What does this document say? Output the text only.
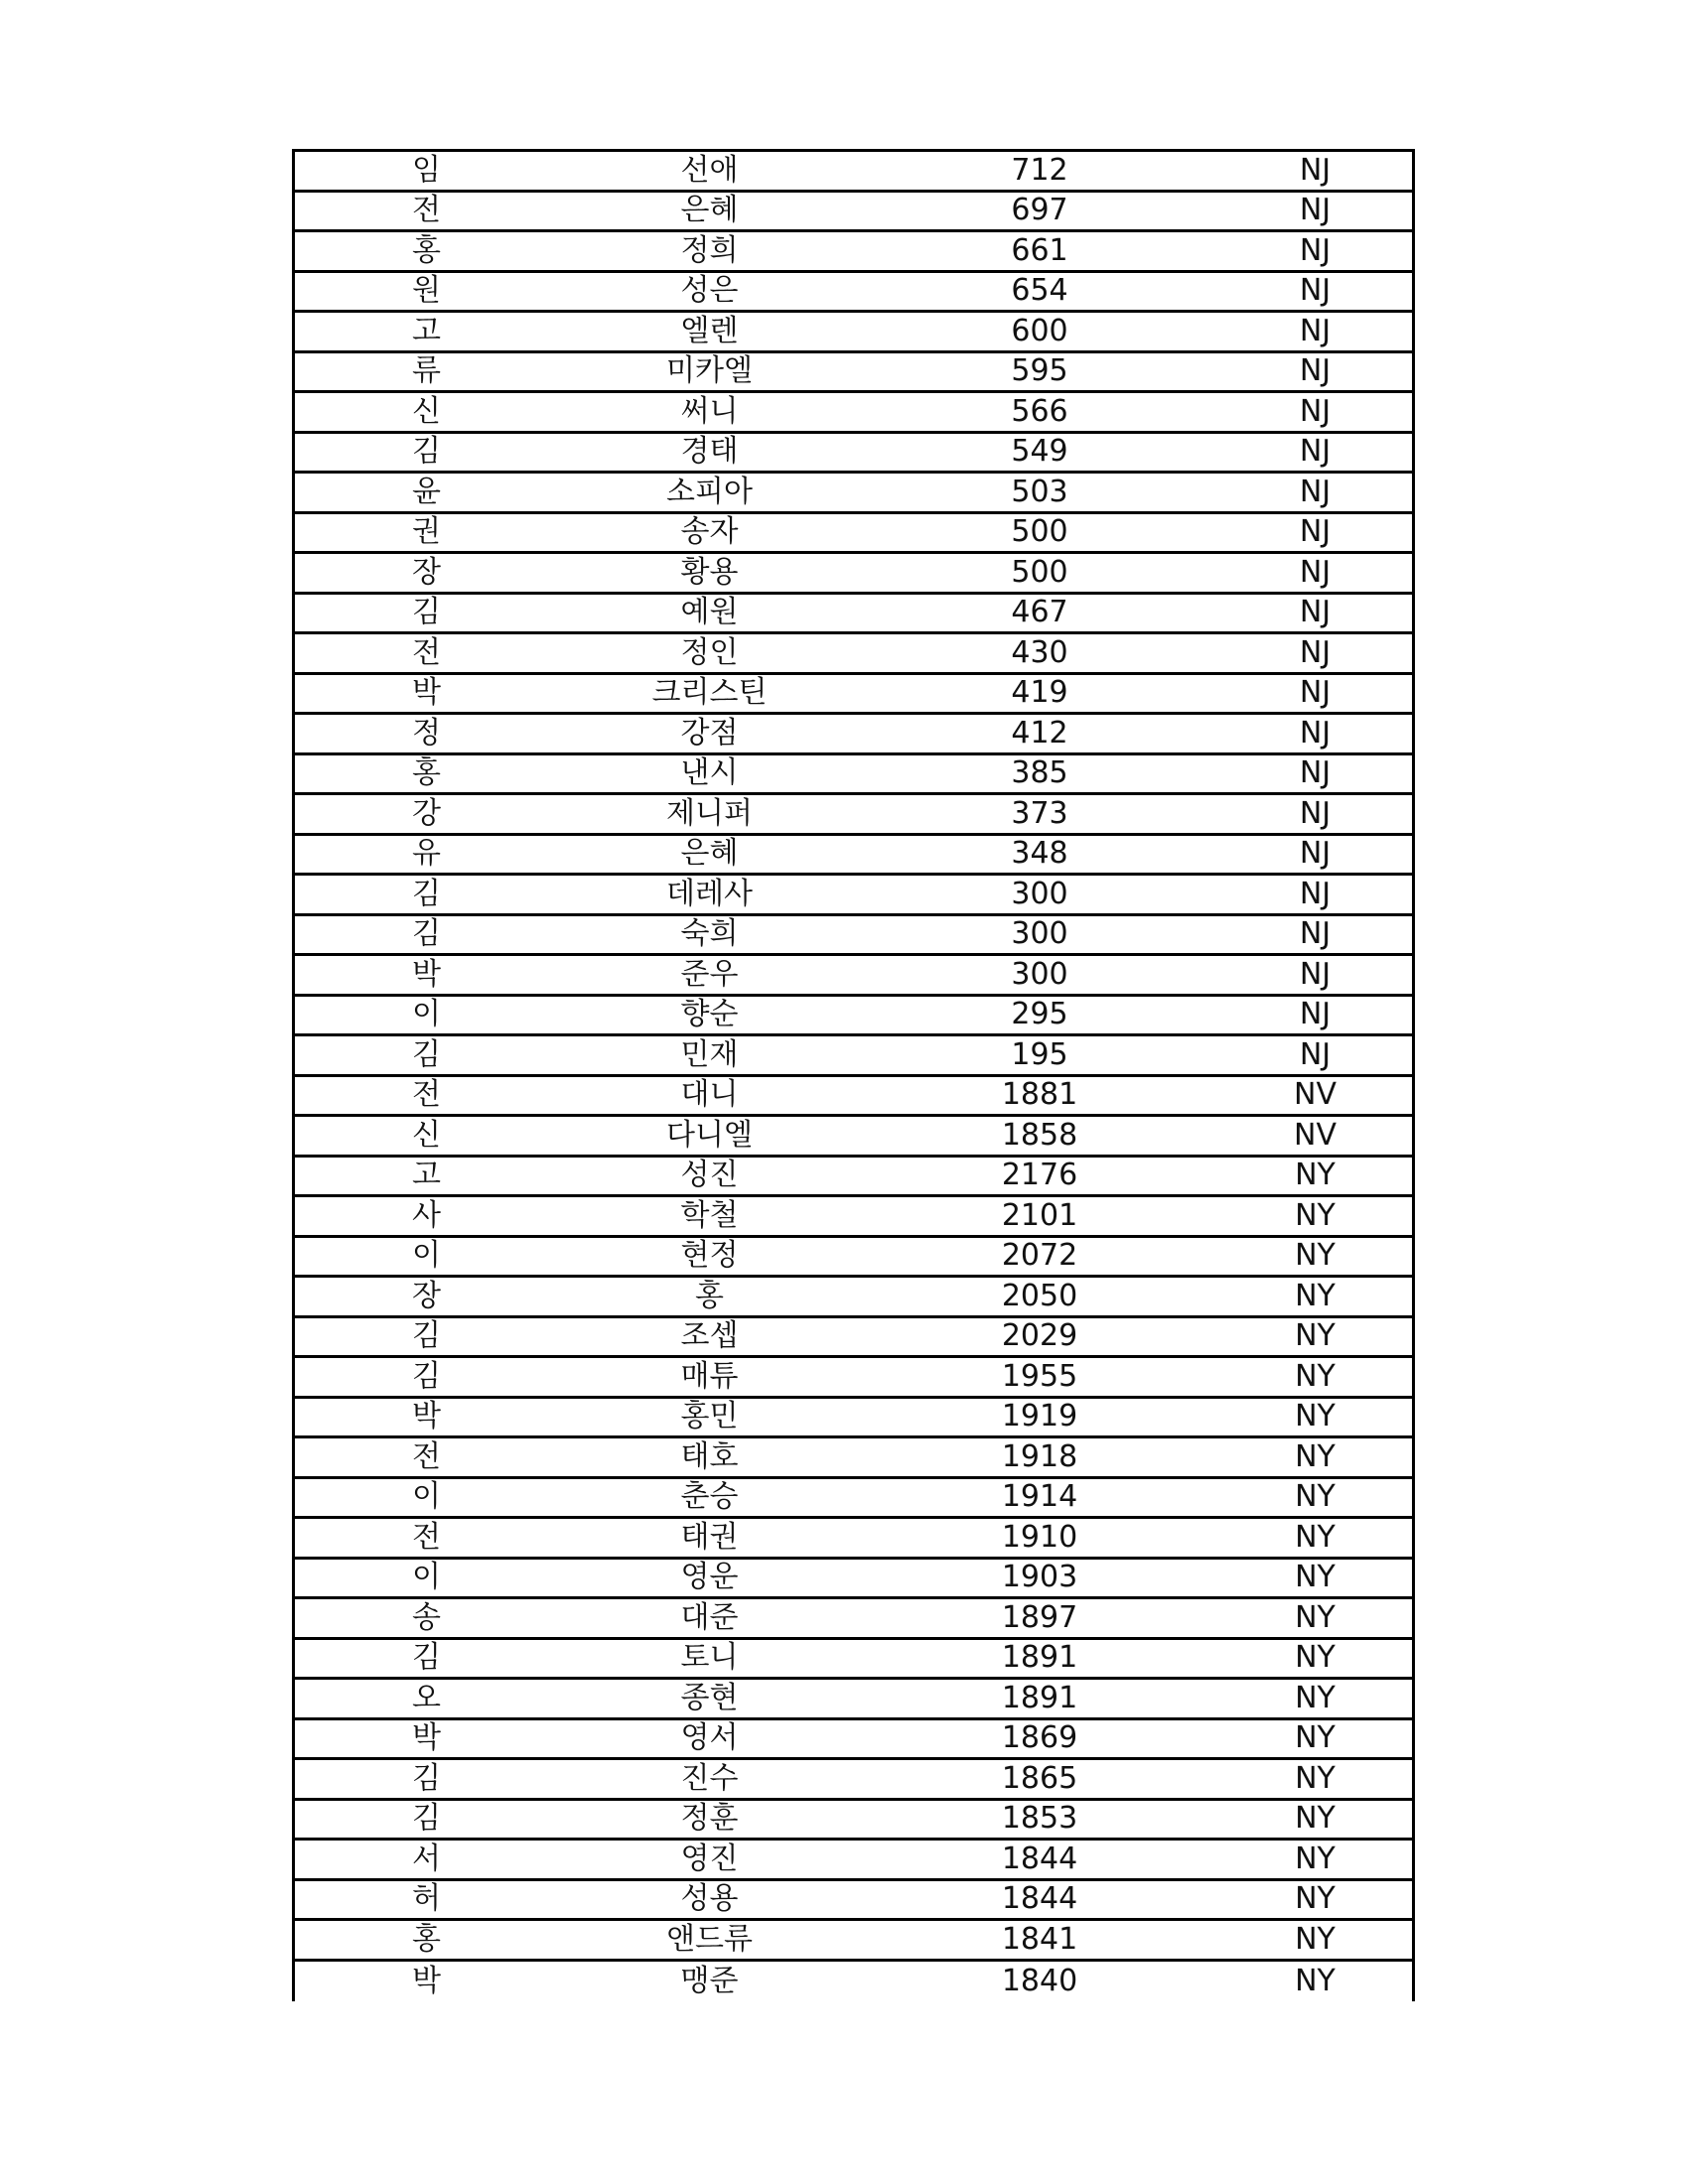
임	선애	712	NJ
전	은혜	697	NJ
홍	정희	661	NJ
원	성은	654	NJ
고	엘렌	600	NJ
류	미카엘	595	NJ
신	써니	566	NJ
김	경태	549	NJ
윤	소피아	503	NJ
권	송자	500	NJ
장	황용	500	NJ
김	예원	467	NJ
전	정인	430	NJ
박	크리스틴	419	NJ
정	강점	412	NJ
홍	낸시	385	NJ
강	제니퍼	373	NJ
유	은혜	348	NJ
김	데레사	300	NJ
김	숙희	300	NJ
박	준우	300	NJ
이	향순	295	NJ
김	민재	195	NJ
전	대니	1881	NV
신	다니엘	1858	NV
고	성진	2176	NY
사	학철	2101	NY
이	현정	2072	NY
장	홍	2050	NY
김	조셉	2029	NY
김	매튜	1955	NY
박	홍민	1919	NY
전	태호	1918	NY
이	춘승	1914	NY
전	태권	1910	NY
이	영운	1903	NY
송	대준	1897	NY
김	토니	1891	NY
오	종현	1891	NY
박	영서	1869	NY
김	진수	1865	NY
김	정훈	1853	NY
서	영진	1844	NY
허	성용	1844	NY
홍	앤드류	1841	NY
박	맹준	1840	NY
